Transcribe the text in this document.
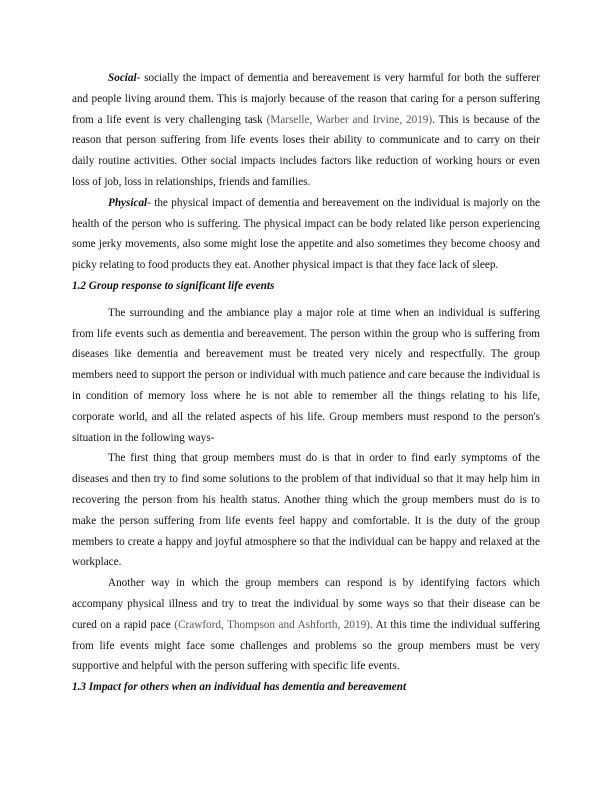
Social- socially the impact of dementia and bereavement is very harmful for both the sufferer and people living around them. This is majorly because of the reason that caring for a person suffering from a life event is very challenging task (Marselle, Warber and Irvine, 2019). This is because of the reason that person suffering from life events loses their ability to communicate and to carry on their daily routine activities. Other social impacts includes factors like reduction of working hours or even loss of job, loss in relationships, friends and families.

Physical- the physical impact of dementia and bereavement on the individual is majorly on the health of the person who is suffering. The physical impact can be body related like person experiencing some jerky movements, also some might lose the appetite and also sometimes they become choosy and picky relating to food products they eat. Another physical impact is that they face lack of sleep.

1.2 Group response to significant life events

The surrounding and the ambiance play a major role at time when an individual is suffering from life events such as dementia and bereavement. The person within the group who is suffering from diseases like dementia and bereavement must be treated very nicely and respectfully. The group members need to support the person or individual with much patience and care because the individual is in condition of memory loss where he is not able to remember all the things relating to his life, corporate world, and all the related aspects of his life. Group members must respond to the person's situation in the following ways-

The first thing that group members must do is that in order to find early symptoms of the diseases and then try to find some solutions to the problem of that individual so that it may help him in recovering the person from his health status. Another thing which the group members must do is to make the person suffering from life events feel happy and comfortable. It is the duty of the group members to create a happy and joyful atmosphere so that the individual can be happy and relaxed at the workplace.

Another way in which the group members can respond is by identifying factors which accompany physical illness and try to treat the individual by some ways so that their disease can be cured on a rapid pace (Crawford, Thompson and Ashforth, 2019). At this time the individual suffering from life events might face some challenges and problems so the group members must be very supportive and helpful with the person suffering with specific life events.

1.3 Impact for others when an individual has dementia and bereavement
